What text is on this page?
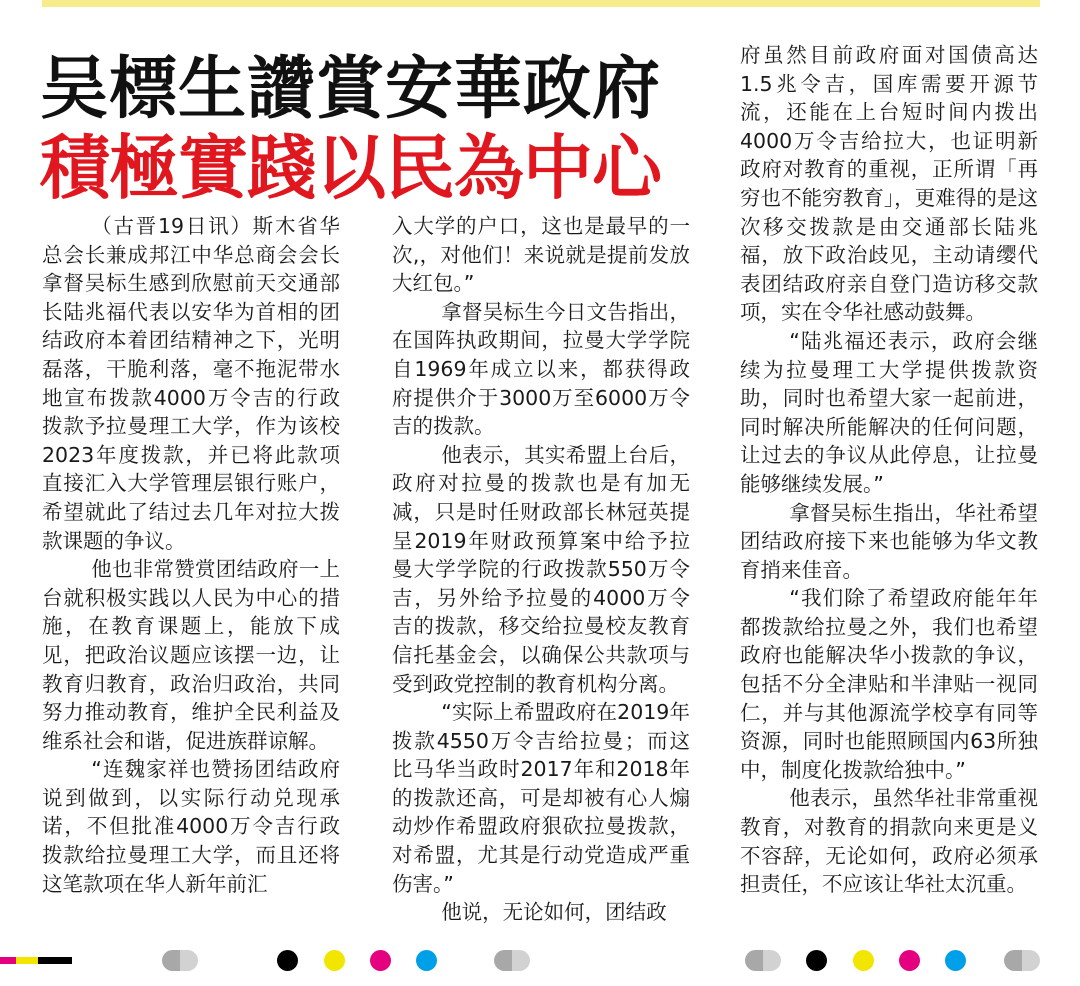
吴標生讚賞安華政府
積極實踐以民為中心

（古晋19日讯）斯木省华总会长兼成邦江中华总商会会长拿督吴标生感到欣慰前天交通部长陆兆福代表以安华为首相的团结政府本着团结精神之下，光明磊落，干脆利落，毫不拖泥带水地宣布拨款4000万令吉的行政拨款予拉曼理工大学，作为该校2023年度拨款，并已将此款项直接汇入大学管理层银行账户，希望就此了结过去几年对拉大拨款课题的争议。

他也非常赞赏团结政府一上台就积极实践以人民为中心的措施，在教育课题上，能放下成见，把政治议题应该摆一边，让教育归教育，政治归政治，共同努力推动教育，维护全民利益及维系社会和谐，促进族群谅解。

“连魏家祥也赞扬团结政府说到做到，以实际行动兑现承诺，不但批准4000万令吉行政拨款给拉曼理工大学，而且还将这笔款项在华人新年前汇

入大学的户口，这也是最早的一次,，对他们！来说就是提前发放大红包。”

拿督吴标生今日文告指出，在国阵执政期间，拉曼大学学院自1969年成立以来，都获得政府提供介于3000万至6000万令吉的拨款。

他表示，其实希盟上台后，政府对拉曼的拨款也是有加无减，只是时任财政部长林冠英提呈2019年财政预算案中给予拉曼大学学院的行政拨款550万令吉，另外给予拉曼的4000万令吉的拨款，移交给拉曼校友教育信托基金会，以确保公共款项与受到政党控制的教育机构分离。

“实际上希盟政府在2019年拨款4550万令吉给拉曼；而这比马华当政时2017年和2018年的拨款还高，可是却被有心人煽动炒作希盟政府狠砍拉曼拨款，对希盟，尤其是行动党造成严重伤害。”

他说，无论如何，团结政

府虽然目前政府面对国债高达1.5兆令吉，国库需要开源节流，还能在上台短时间内拨出4000万令吉给拉大，也证明新政府对教育的重视，正所谓「再穷也不能穷教育」，更难得的是这次移交拨款是由交通部长陆兆福，放下政治歧见，主动请缨代表团结政府亲自登门造访移交款项，实在令华社感动鼓舞。

“陆兆福还表示，政府会继续为拉曼理工大学提供拨款资助，同时也希望大家一起前进，同时解决所能解决的任何问题，让过去的争议从此停息，让拉曼能够继续发展。”

拿督吴标生指出，华社希望团结政府接下来也能够为华文教育捎来佳音。

“我们除了希望政府能年年都拨款给拉曼之外，我们也希望政府也能解决华小拨款的争议，包括不分全津贴和半津贴一视同仁，并与其他源流学校享有同等资源，同时也能照顾国内63所独中，制度化拨款给独中。”

他表示，虽然华社非常重视教育，对教育的捐款向来更是义不容辞，无论如何，政府必须承担责任，不应该让华社太沉重。
